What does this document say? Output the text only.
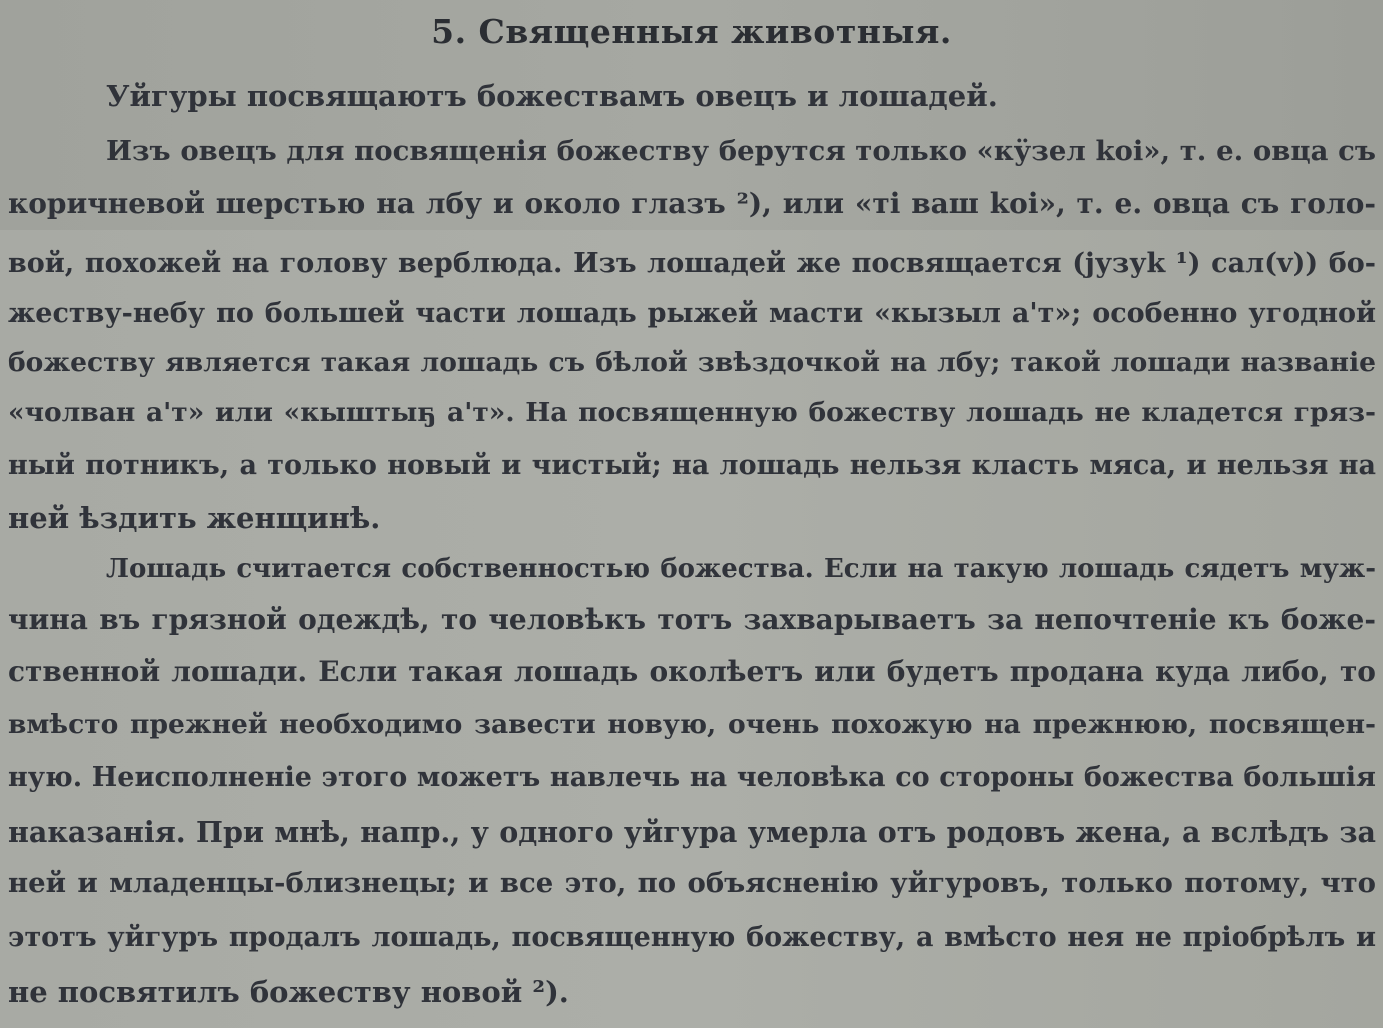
5. Священныя животныя.
Уйгуры посвящаютъ божествамъ овецъ и лошадей.
Изъ овецъ для посвященія божеству берутся только «кӱзел koi», т. е. овца съ
коричневой шерстью на лбу и около глазъ ²), или «ті ваш koi», т. е. овца съ голо-
вой, похожей на голову верблюда. Изъ лошадей же посвящается (jузуk ¹) сал(v)) бо-
жеству-небу по большей части лошадь рыжей масти «кызыл а'т»; особенно угодной
божеству является такая лошадь съ бѣлой звѣздочкой на лбу; такой лошади названіе
«чолван а'т» или «кыштыҕ а'т». На посвященную божеству лошадь не кладется гряз-
ный потникъ, а только новый и чистый; на лошадь нельзя класть мяса, и нельзя на
ней ѣздить женщинѣ.
Лошадь считается собственностью божества. Если на такую лошадь сядетъ муж-
чина въ грязной одеждѣ, то человѣкъ тотъ захварываетъ за непочтеніе къ боже-
ственной лошади. Если такая лошадь околѣетъ или будетъ продана куда либо, то
вмѣсто прежней необходимо завести новую, очень похожую на прежнюю, посвящен-
ную. Неисполненіе этого можетъ навлечь на человѣка со стороны божества большія
наказанія. При мнѣ, напр., у одного уйгура умерла отъ родовъ жена, а вслѣдъ за
ней и младенцы-близнецы; и все это, по объясненію уйгуровъ, только потому, что
этотъ уйгуръ продалъ лошадь, посвященную божеству, а вмѣсто нея не пріобрѣлъ и
не посвятилъ божеству новой ²).
